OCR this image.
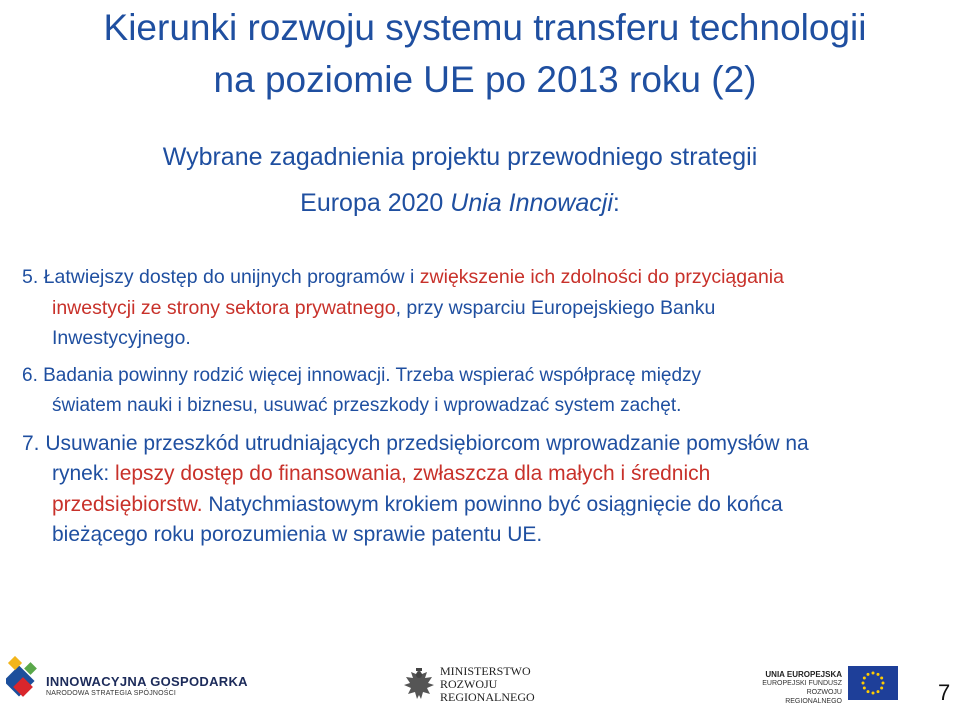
Kierunki rozwoju systemu transferu technologii
na poziomie UE po 2013 roku (2)
Wybrane zagadnienia projektu przewodniego strategii
Europa 2020 Unia Innowacji:
5. Łatwiejszy dostęp do unijnych programów i zwiększenie ich zdolności do przyciągania
inwestycji ze strony sektora prywatnego, przy wsparciu Europejskiego Banku
Inwestycyjnego.
6. Badania powinny rodzić więcej innowacji. Trzeba wspierać współpracę między
światem nauki i biznesu, usuwać przeszkody i wprowadzać system zachęt.
7. Usuwanie przeszkód utrudniających przedsiębiorcom wprowadzanie pomysłów na
rynek: lepszy dostęp do finansowania, zwłaszcza dla małych i średnich
przedsiębiorstw. Natychmiastowym krokiem powinno być osiągnięcie do końca
bieżącego roku porozumienia w sprawie patentu UE.
INNOWACYJNA GOSPODARKA
NARODOWA STRATEGIA SPÓJNOŚCI
MINISTERSTWO
ROZWOJU
REGIONALNEGO
UNIA EUROPEJSKA
EUROPEJSKI FUNDUSZ
ROZWOJU REGIONALNEGO	7
